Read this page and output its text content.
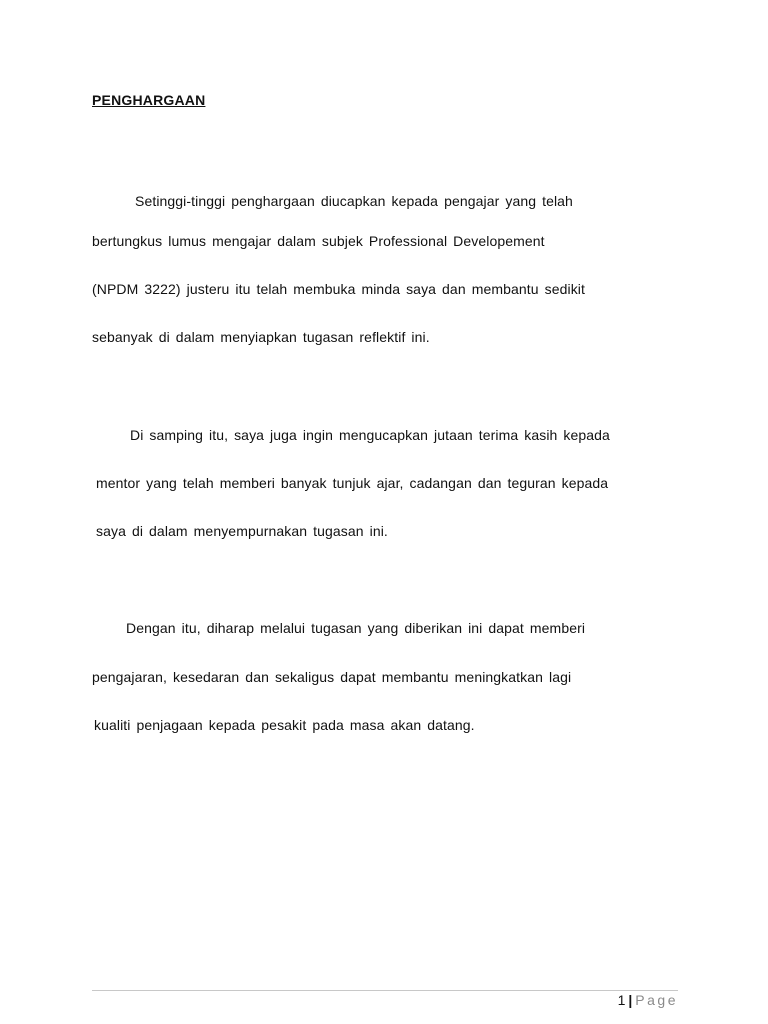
PENGHARGAAN
Setinggi-tinggi penghargaan diucapkan kepada pengajar yang telah
bertungkus lumus mengajar dalam subjek Professional Developement
(NPDM 3222) justeru itu telah membuka minda saya dan membantu sedikit
sebanyak di dalam menyiapkan tugasan reflektif ini.
Di samping itu, saya juga ingin mengucapkan jutaan terima kasih kepada
mentor yang telah memberi banyak tunjuk ajar, cadangan dan teguran kepada
saya di dalam menyempurnakan tugasan ini.
Dengan itu, diharap melalui tugasan yang diberikan ini dapat memberi
pengajaran, kesedaran dan sekaligus dapat membantu meningkatkan lagi
kualiti penjagaan kepada pesakit pada masa akan datang.
1 | Page
